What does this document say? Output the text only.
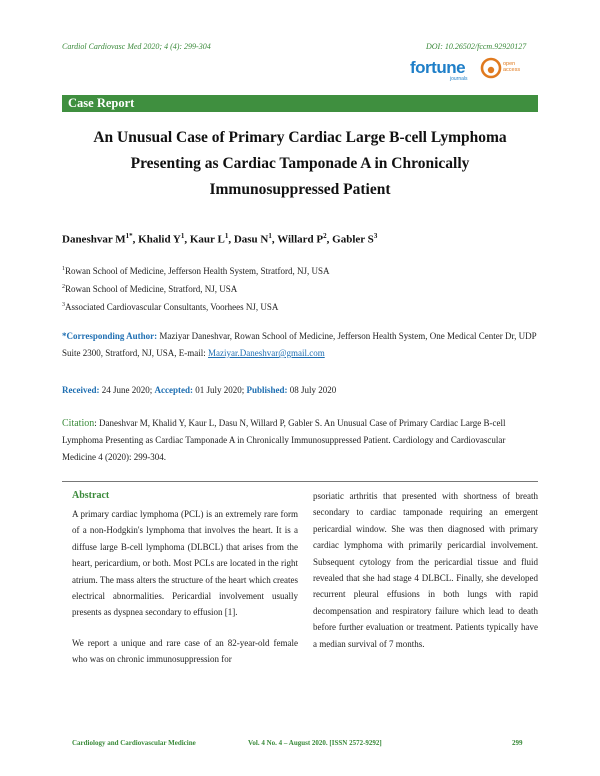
Cardiol Cardiovasc Med 2020; 4 (4): 299-304	DOI: 10.26502/fccm.92920127
fortune
journals
open
access
Case Report
An Unusual Case of Primary Cardiac Large B-cell Lymphoma
Presenting as Cardiac Tamponade A in Chronically
Immunosuppressed Patient
Daneshvar $M^{1*}$, Khalid $Y^1$, Kaur $L^1$, Dasu $N^1$, Willard $P^2$, Gabler $S^3$
$^1$Rowan School of Medicine, Jefferson Health System, Stratford, NJ, USA
$^2$Rowan School of Medicine, Stratford, NJ, USA
$^3$Associated Cardiovascular Consultants, Voorhees NJ, USA
*Corresponding Author: Maziyar Daneshvar, Rowan School of Medicine, Jefferson Health System, One Medical Center Dr, UDP Suite 2300, Stratford, NJ, USA, E-mail: Maziyar.Daneshvar@gmail.com
Received: 24 June 2020; Accepted: 01 July 2020; Published: 08 July 2020
Citation: Daneshvar M, Khalid Y, Kaur L, Dasu N, Willard P, Gabler S. An Unusual Case of Primary Cardiac Large B-cell Lymphoma Presenting as Cardiac Tamponade A in Chronically Immunosuppressed Patient. Cardiology and Cardiovascular Medicine 4 (2020): 299-304.
Abstract

A primary cardiac lymphoma (PCL) is an extremely rare form of a non-Hodgkin's lymphoma that involves the heart. It is a diffuse large B-cell lymphoma (DLBCL) that arises from the heart, pericardium, or both. Most PCLs are located in the right atrium. The mass alters the structure of the heart which creates electrical abnormalities. Pericardial involvement usually presents as dyspnea secondary to effusion [1].

We report a unique and rare case of an 82-year-old female who was on chronic immunosuppression for

psoriatic arthritis that presented with shortness of breath secondary to cardiac tamponade requiring an emergent pericardial window. She was then diagnosed with primary cardiac lymphoma with primarily pericardial involvement. Subsequent cytology from the pericardial tissue and fluid revealed that she had stage 4 DLBCL. Finally, she developed recurrent pleural effusions in both lungs with rapid decompensation and respiratory failure which lead to death before further evaluation or treatment. Patients typically have a median survival of 7 months.

Cardiology and Cardiovascular Medicine	Vol. 4 No. 4 – August 2020. [ISSN 2572-9292]	299
